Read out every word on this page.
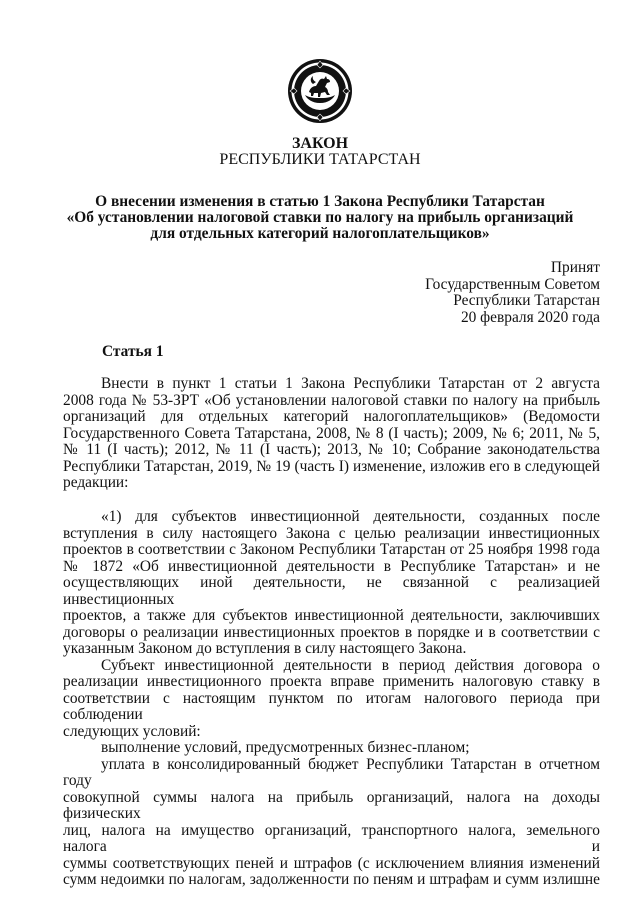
ЗАКОН
РЕСПУБЛИКИ ТАТАРСТАН
О внесении изменения в статью 1 Закона Республики Татарстан
«Об установлении налоговой ставки по налогу на прибыль организаций
для отдельных категорий налогоплательщиков»
Принят
Государственным Советом
Республики Татарстан
20 февраля 2020 года
Статья 1
Внести в пункт 1 статьи 1 Закона Республики Татарстан от 2 августа
2008 года № 53-ЗРТ «Об установлении налоговой ставки по налогу на прибыль
организаций для отдельных категорий налогоплательщиков» (Ведомости
Государственного Совета Татарстана, 2008, № 8 (I часть); 2009, № 6; 2011, № 5,
№ 11 (I часть); 2012, № 11 (I часть); 2013, № 10; Собрание законодательства
Республики Татарстан, 2019, № 19 (часть I) изменение, изложив его в следующей
редакции:
«1) для субъектов инвестиционной деятельности, созданных после
вступления в силу настоящего Закона с целью реализации инвестиционных
проектов в соответствии с Законом Республики Татарстан от 25 ноября 1998 года
№ 1872 «Об инвестиционной деятельности в Республике Татарстан» и не
осуществляющих иной деятельности, не связанной с реализацией инвестиционных
проектов, а также для субъектов инвестиционной деятельности, заключивших
договоры о реализации инвестиционных проектов в порядке и в соответствии с
указанным Законом до вступления в силу настоящего Закона.
Субъект инвестиционной деятельности в период действия договора о
реализации инвестиционного проекта вправе применить налоговую ставку в
соответствии с настоящим пунктом по итогам налогового периода при соблюдении
следующих условий:
выполнение условий, предусмотренных бизнес-планом;
уплата в консолидированный бюджет Республики Татарстан в отчетном году
совокупной суммы налога на прибыль организаций, налога на доходы физических
лиц, налога на имущество организаций, транспортного налога, земельного налога и
суммы соответствующих пеней и штрафов (с исключением влияния изменений
сумм недоимки по налогам, задолженности по пеням и штрафам и сумм излишне
